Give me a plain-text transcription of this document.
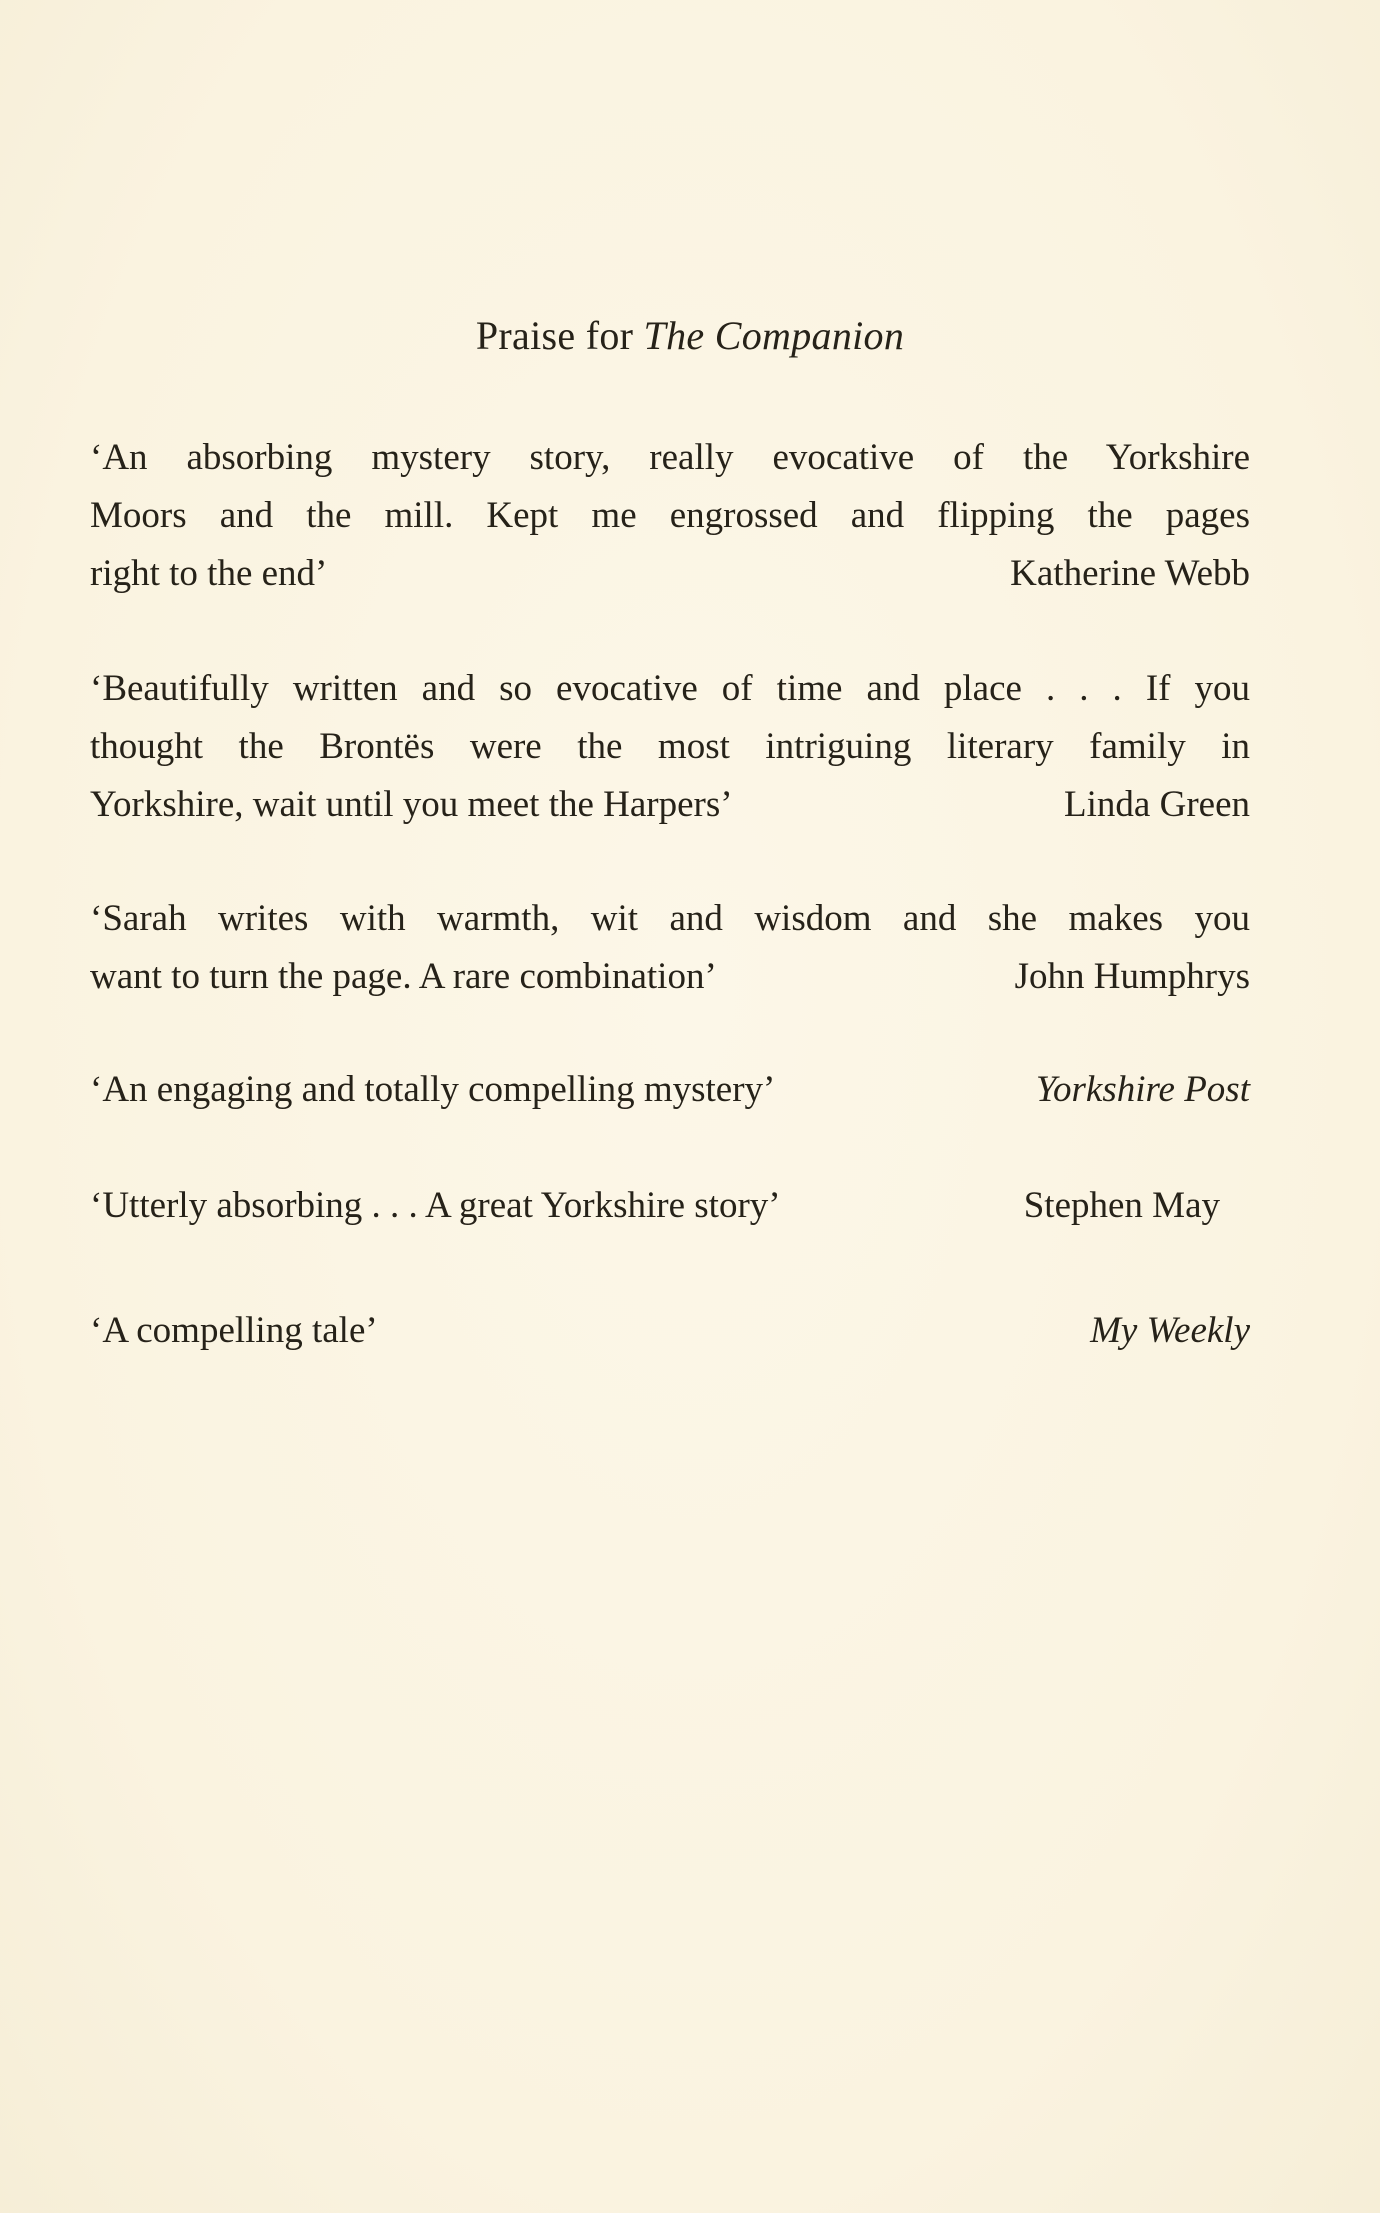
Praise for The Companion
‘An absorbing mystery story, really evocative of the Yorkshire
Moors and the mill. Kept me engrossed and flipping the pages
right to the end’	Katherine Webb
‘Beautifully written and so evocative of time and place . . . If you
thought the Brontës were the most intriguing literary family in
Yorkshire, wait until you meet the Harpers’	Linda Green
‘Sarah writes with warmth, wit and wisdom and she makes you
want to turn the page. A rare combination’	John Humphrys
‘An engaging and totally compelling mystery’	Yorkshire Post
‘Utterly absorbing . . . A great Yorkshire story’	Stephen May
‘A compelling tale’	My Weekly
